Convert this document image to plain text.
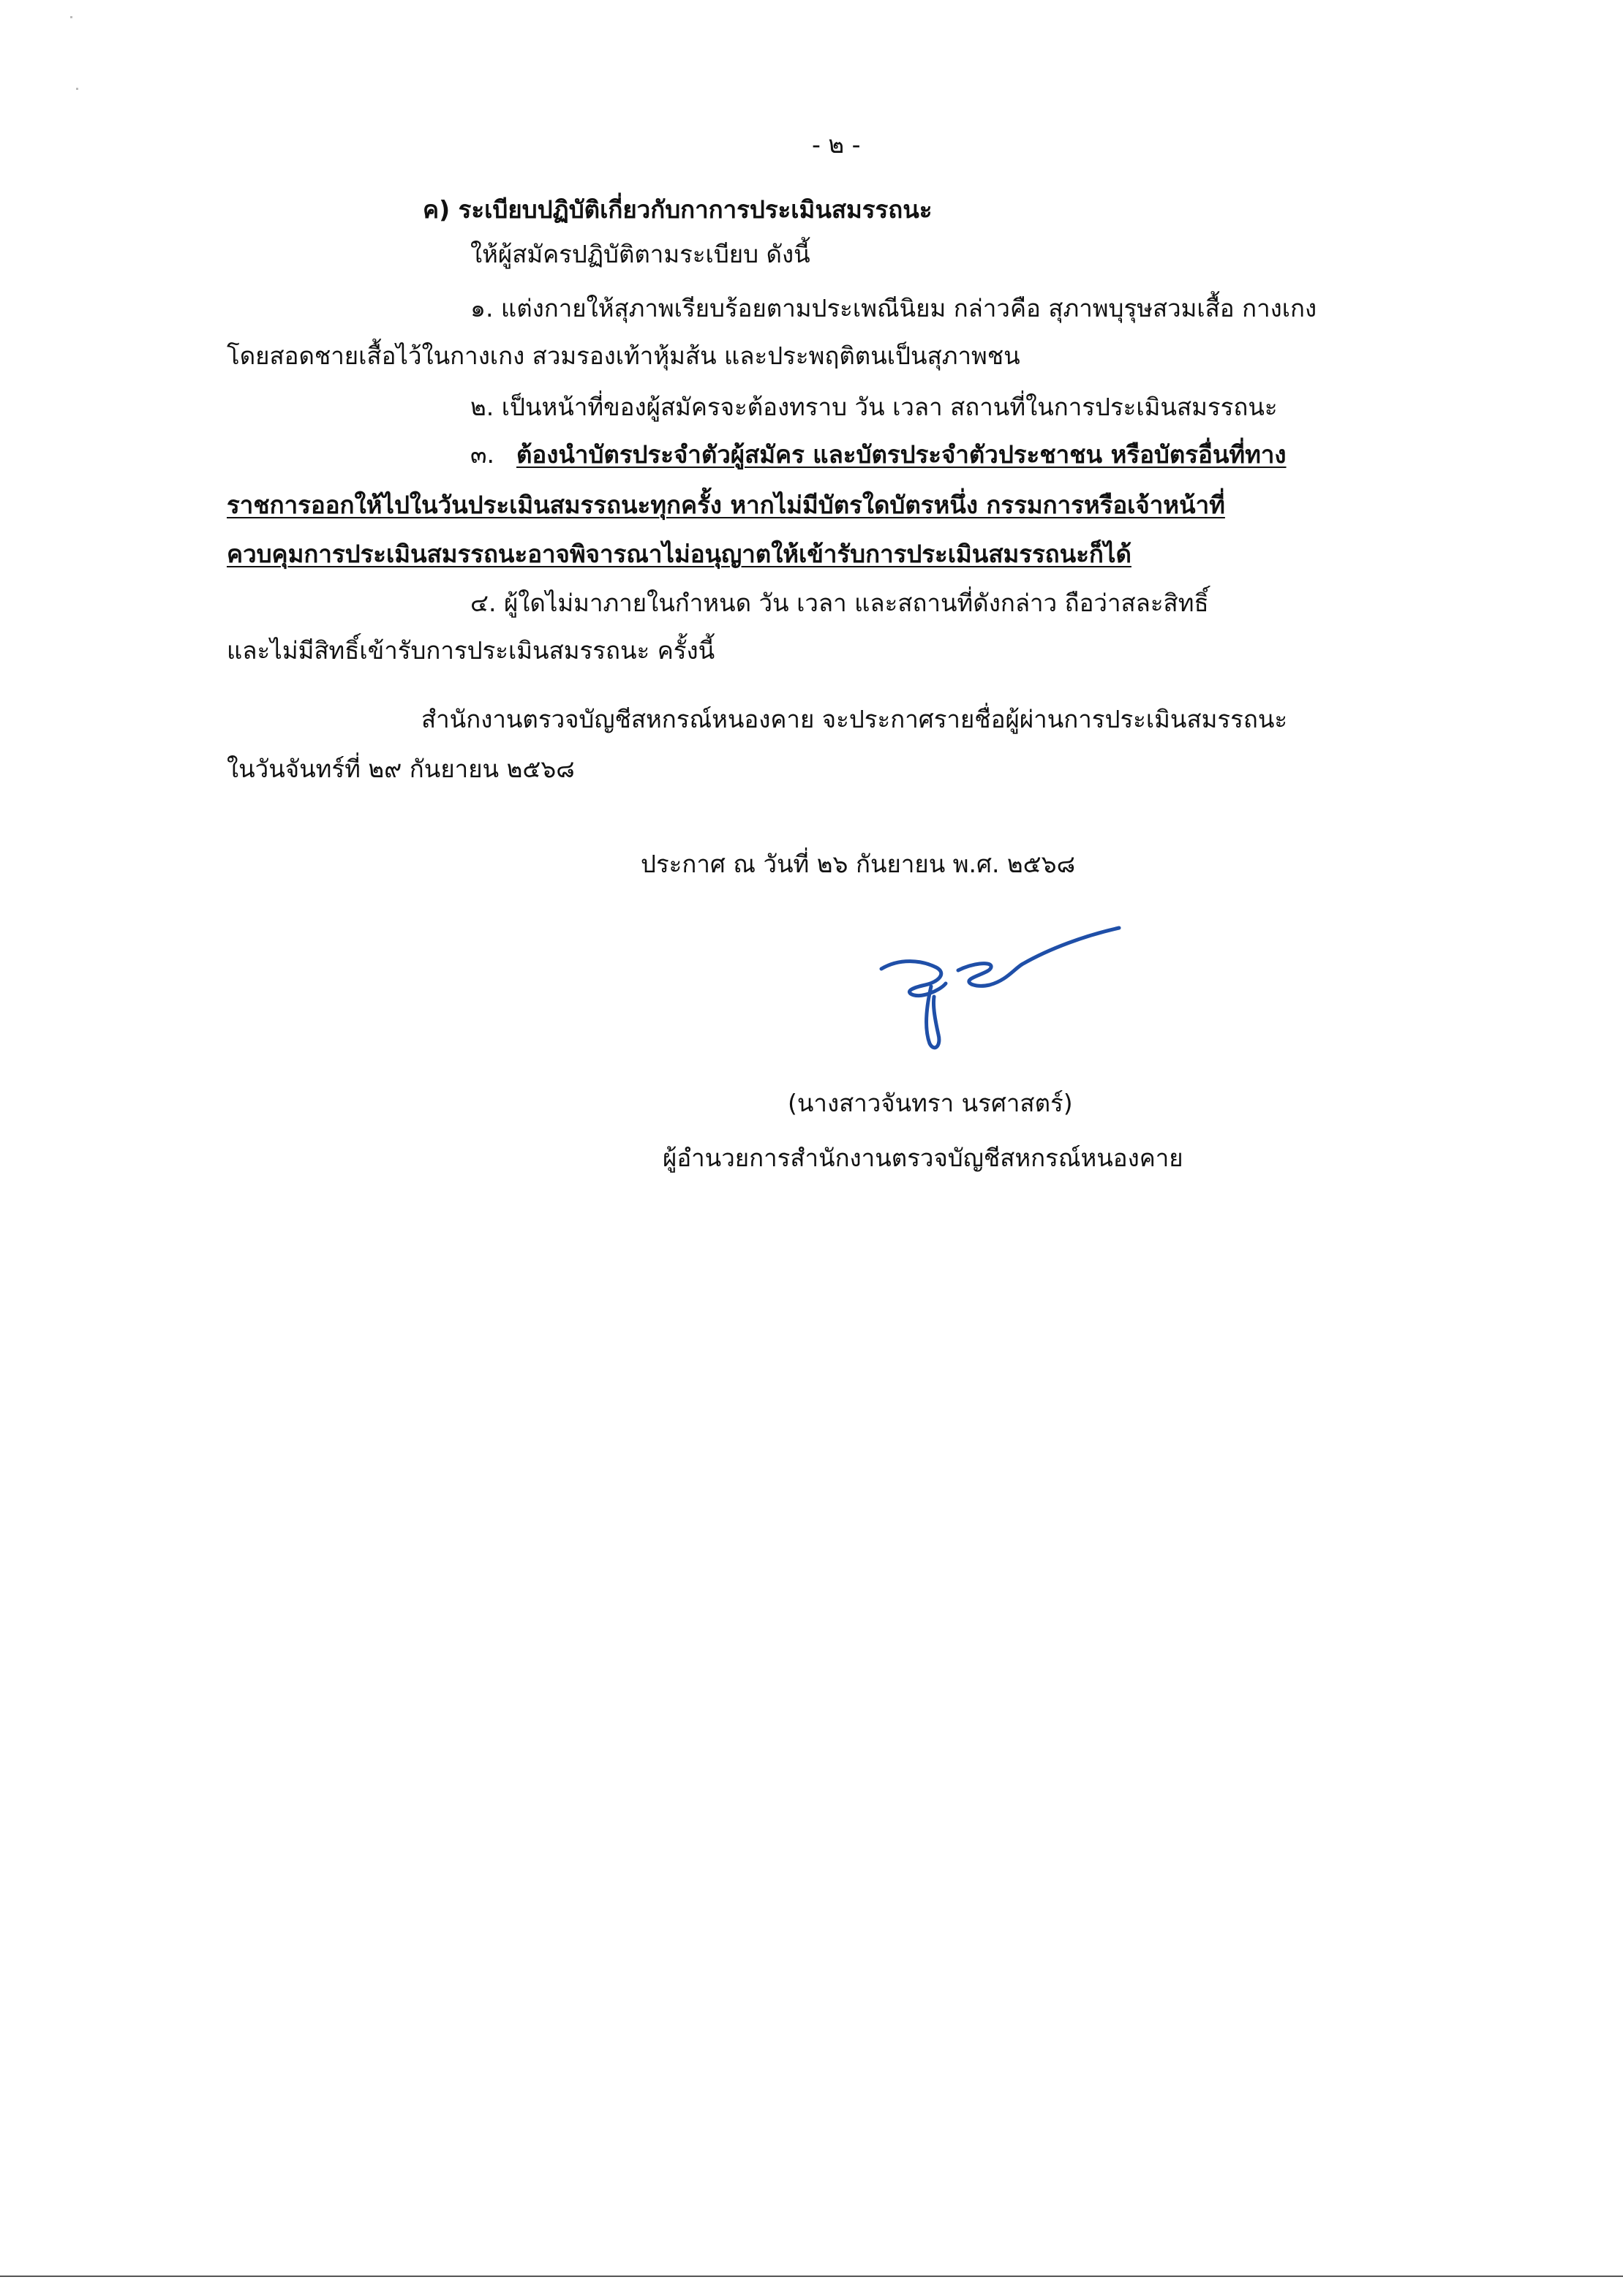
- ๒ -
ค) ระเบียบปฏิบัติเกี่ยวกับกาการประเมินสมรรถนะ
ให้ผู้สมัครปฏิบัติตามระเบียบ ดังนี้
๑. แต่งกายให้สุภาพเรียบร้อยตามประเพณีนิยม กล่าวคือ สุภาพบุรุษสวมเสื้อ กางเกง
โดยสอดชายเสื้อไว้ในกางเกง สวมรองเท้าหุ้มส้น และประพฤติตนเป็นสุภาพชน
๒. เป็นหน้าที่ของผู้สมัครจะต้องทราบ วัน เวลา สถานที่ในการประเมินสมรรถนะ
๓. ต้องนำบัตรประจำตัวผู้สมัคร และบัตรประจำตัวประชาชน หรือบัตรอื่นที่ทาง
ราชการออกให้ไปในวันประเมินสมรรถนะทุกครั้ง หากไม่มีบัตรใดบัตรหนึ่ง กรรมการหรือเจ้าหน้าที่
ควบคุมการประเมินสมรรถนะอาจพิจารณาไม่อนุญาตให้เข้ารับการประเมินสมรรถนะก็ได้
๔. ผู้ใดไม่มาภายในกำหนด วัน เวลา และสถานที่ดังกล่าว ถือว่าสละสิทธิ์
และไม่มีสิทธิ์เข้ารับการประเมินสมรรถนะ ครั้งนี้
สำนักงานตรวจบัญชีสหกรณ์หนองคาย จะประกาศรายชื่อผู้ผ่านการประเมินสมรรถนะ
ในวันจันทร์ที่ ๒๙ กันยายน ๒๕๖๘
ประกาศ ณ วันที่ ๒๖ กันยายน พ.ศ. ๒๕๖๘
(นางสาวจันทรา นรศาสตร์)
ผู้อำนวยการสำนักงานตรวจบัญชีสหกรณ์หนองคาย
